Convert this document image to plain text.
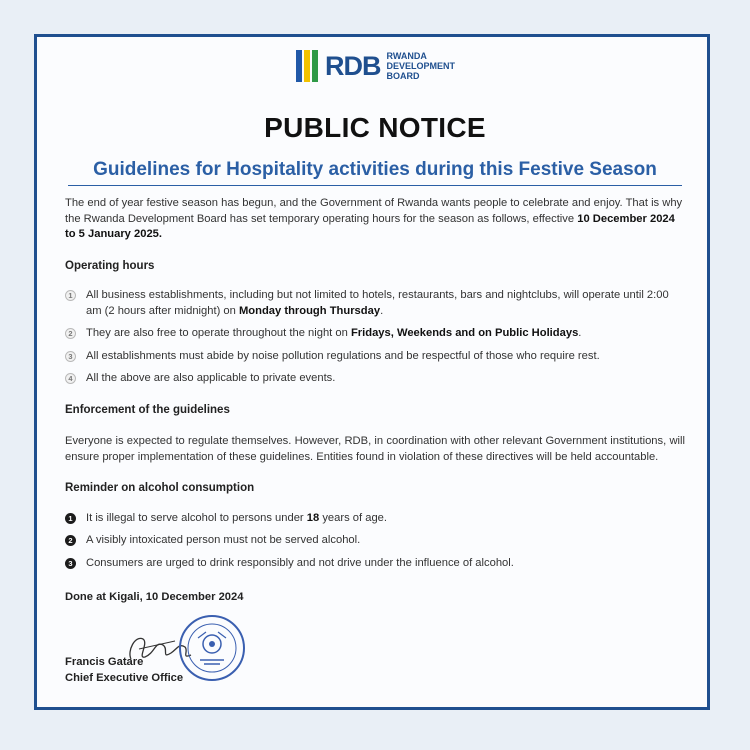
RDB RWANDA
DEVELOPMENT BOARD
PUBLIC NOTICE
Guidelines for Hospitality activities during this Festive Season

The end of year festive season has begun, and the Government of Rwanda wants people to celebrate and enjoy. That is why the Rwanda Development Board has set temporary operating hours for the season as follows, effective 10 December 2024 to 5 January 2025.

Operating hours

1	All business establishments, including but not limited to hotels, restaurants, bars and nightclubs, will operate until 2:00 am (2 hours after midnight) on Monday through Thursday.
2	They are also free to operate throughout the night on Fridays, Weekends and on Public Holidays.
3	All establishments must abide by noise pollution regulations and be respectful of those who require rest.
4	All the above are also applicable to private events.

Enforcement of the guidelines

Everyone is expected to regulate themselves. However, RDB, in coordination with other relevant Government institutions, will ensure proper implementation of these guidelines. Entities found in violation of these directives will be held accountable.

Reminder on alcohol consumption

1	It is illegal to serve alcohol to persons under 18 years of age.
2	A visibly intoxicated person must not be served alcohol.
3	Consumers are urged to drink responsibly and not drive under the influence of alcohol.

Done at Kigali, 10 December 2024

Francis Gatare
Chief Executive Office
